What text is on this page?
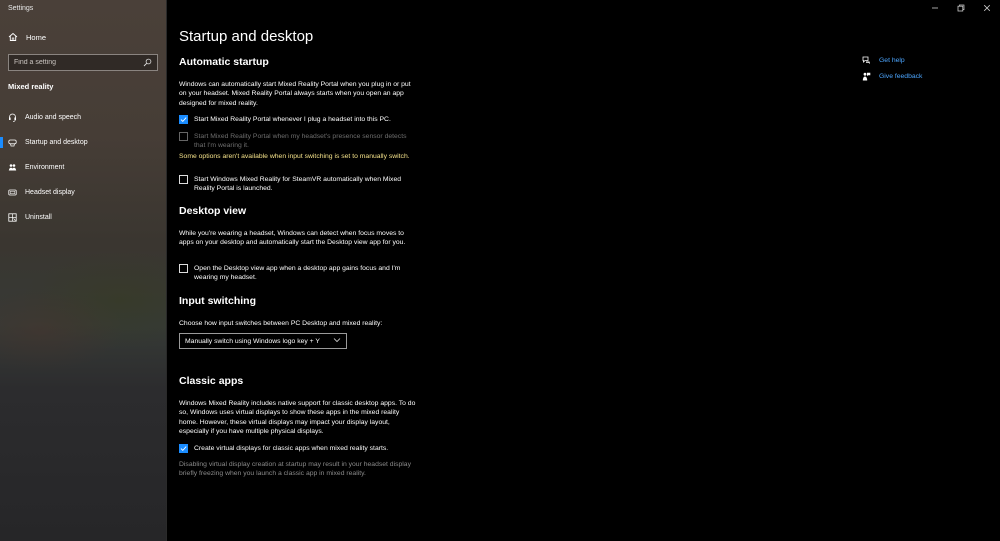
Settings
Home
Find a setting
Mixed reality
Audio and speech
Startup and desktop
Environment
Headset display
Uninstall
Startup and desktop
Automatic startup

Windows can automatically start Mixed Reality Portal when you plug in or put on your headset. Mixed Reality Portal always starts when you open an app designed for mixed reality.

Start Mixed Reality Portal whenever I plug a headset into this PC.
Start Mixed Reality Portal when my headset's presence sensor detects that I'm wearing it.

Some options aren't available when input switching is set to manually switch.

Start Windows Mixed Reality for SteamVR automatically when Mixed Reality Portal is launched.
Desktop view

While you're wearing a headset, Windows can detect when focus moves to apps on your desktop and automatically start the Desktop view app for you.

Open the Desktop view app when a desktop app gains focus and I'm wearing my headset.
Input switching

Choose how input switches between PC Desktop and mixed reality:

Manually switch using Windows logo key + Y
Classic apps

Windows Mixed Reality includes native support for classic desktop apps. To do so, Windows uses virtual displays to show these apps in the mixed reality home. However, these virtual displays may impact your display layout, especially if you have multiple physical displays.

Create virtual displays for classic apps when mixed reality starts.

Disabling virtual display creation at startup may result in your headset display briefly freezing when you launch a classic app in mixed reality.

Get help
Give feedback
